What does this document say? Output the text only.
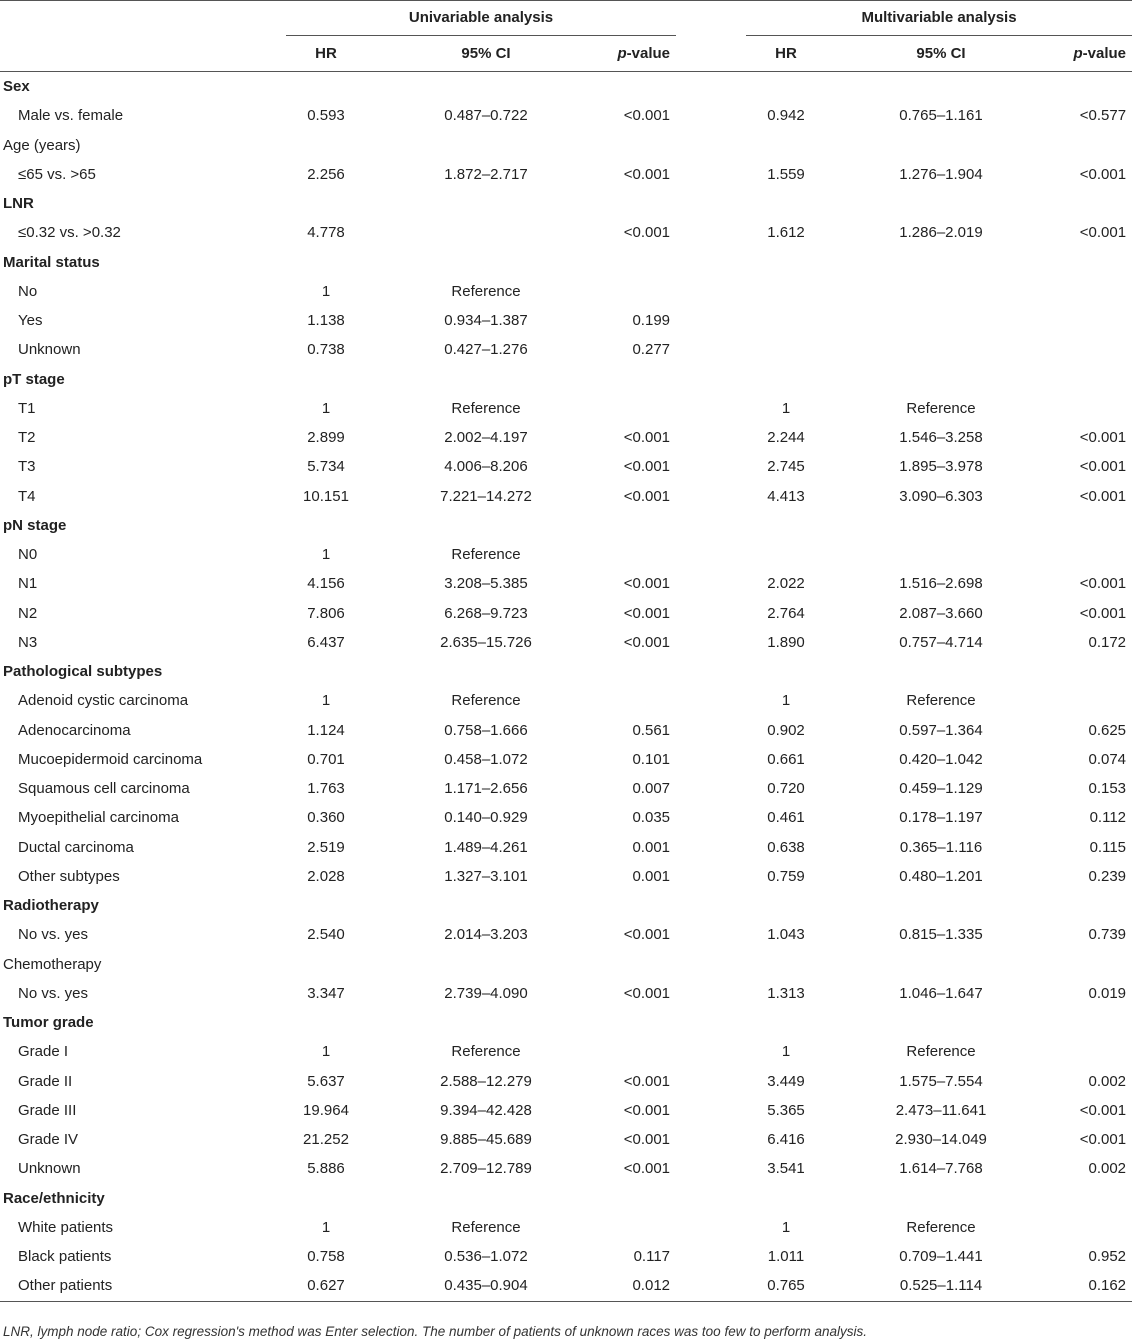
	Univariable analysis				Multivariable analysis		
	HR	95% CI	p-value		HR	95% CI	p-value
Sex							
Male vs. female	0.593	0.487–0.722	<0.001		0.942	0.765–1.161	<0.577
Age (years)							
≤65 vs. >65	2.256	1.872–2.717	<0.001		1.559	1.276–1.904	<0.001
LNR							
≤0.32 vs. >0.32	4.778		<0.001		1.612	1.286–2.019	<0.001
Marital status							
No	1	Reference					
Yes	1.138	0.934–1.387	0.199				
Unknown	0.738	0.427–1.276	0.277				
pT stage							
T1	1	Reference			1	Reference	
T2	2.899	2.002–4.197	<0.001		2.244	1.546–3.258	<0.001
T3	5.734	4.006–8.206	<0.001		2.745	1.895–3.978	<0.001
T4	10.151	7.221–14.272	<0.001		4.413	3.090–6.303	<0.001
pN stage							
N0	1	Reference					
N1	4.156	3.208–5.385	<0.001		2.022	1.516–2.698	<0.001
N2	7.806	6.268–9.723	<0.001		2.764	2.087–3.660	<0.001
N3	6.437	2.635–15.726	<0.001		1.890	0.757–4.714	0.172
Pathological subtypes							
Adenoid cystic carcinoma	1	Reference			1	Reference	
Adenocarcinoma	1.124	0.758–1.666	0.561		0.902	0.597–1.364	0.625
Mucoepidermoid carcinoma	0.701	0.458–1.072	0.101		0.661	0.420–1.042	0.074
Squamous cell carcinoma	1.763	1.171–2.656	0.007		0.720	0.459–1.129	0.153
Myoepithelial carcinoma	0.360	0.140–0.929	0.035		0.461	0.178–1.197	0.112
Ductal carcinoma	2.519	1.489–4.261	0.001		0.638	0.365–1.116	0.115
Other subtypes	2.028	1.327–3.101	0.001		0.759	0.480–1.201	0.239
Radiotherapy							
No vs. yes	2.540	2.014–3.203	<0.001		1.043	0.815–1.335	0.739
Chemotherapy							
No vs. yes	3.347	2.739–4.090	<0.001		1.313	1.046–1.647	0.019
Tumor grade							
Grade I	1	Reference			1	Reference	
Grade II	5.637	2.588–12.279	<0.001		3.449	1.575–7.554	0.002
Grade III	19.964	9.394–42.428	<0.001		5.365	2.473–11.641	<0.001
Grade IV	21.252	9.885–45.689	<0.001		6.416	2.930–14.049	<0.001
Unknown	5.886	2.709–12.789	<0.001		3.541	1.614–7.768	0.002
Race/ethnicity							
White patients	1	Reference			1	Reference	
Black patients	0.758	0.536–1.072	0.117		1.011	0.709–1.441	0.952
Other patients	0.627	0.435–0.904	0.012		0.765	0.525–1.114	0.162
LNR, lymph node ratio; Cox regression's method was Enter selection. The number of patients of unknown races was too few to perform analysis.
